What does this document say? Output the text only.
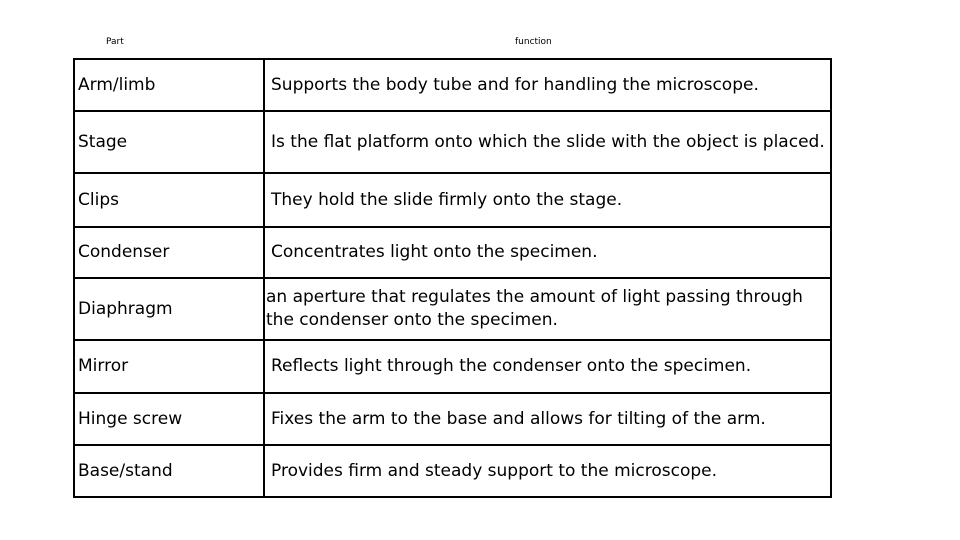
Part	function
Arm/limb	Supports the body tube and for handling the microscope.
Stage	Is the flat platform onto which the slide with the object is placed.
Clips	They hold the slide firmly onto the stage.
Condenser	Concentrates light onto the specimen.
Diaphragm	an aperture that regulates the amount of light passing through the condenser onto the specimen.
Mirror	Reflects light through the condenser onto the specimen.
Hinge screw	Fixes the arm to the base and allows for tilting of the arm.
Base/stand	Provides firm and steady support to the microscope.
